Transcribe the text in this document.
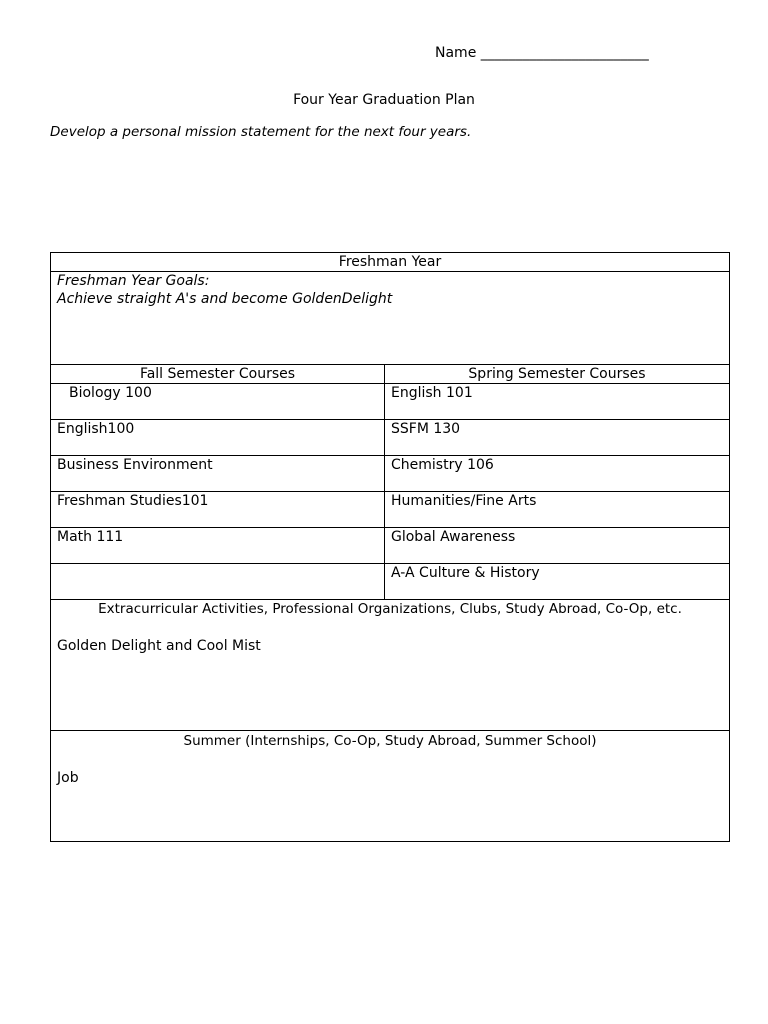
Name ________________________
Four Year Graduation Plan
Develop a personal mission statement for the next four years.
Freshman Year	

Freshman Year Goals:
Achieve straight A's and become GoldenDelight	

Fall Semester Courses	Spring Semester Courses
Biology 100	English 101
English100	SSFM 130
Business Environment	Chemistry 106
Freshman Studies101	Humanities/Fine Arts
Math 111	Global Awareness
	A-A Culture & History

Extracurricular Activities, Professional Organizations, Clubs, Study Abroad, Co-Op, etc.
Golden Delight and Cool Mist	

Summer (Internships, Co-Op, Study Abroad, Summer School)
Job	
